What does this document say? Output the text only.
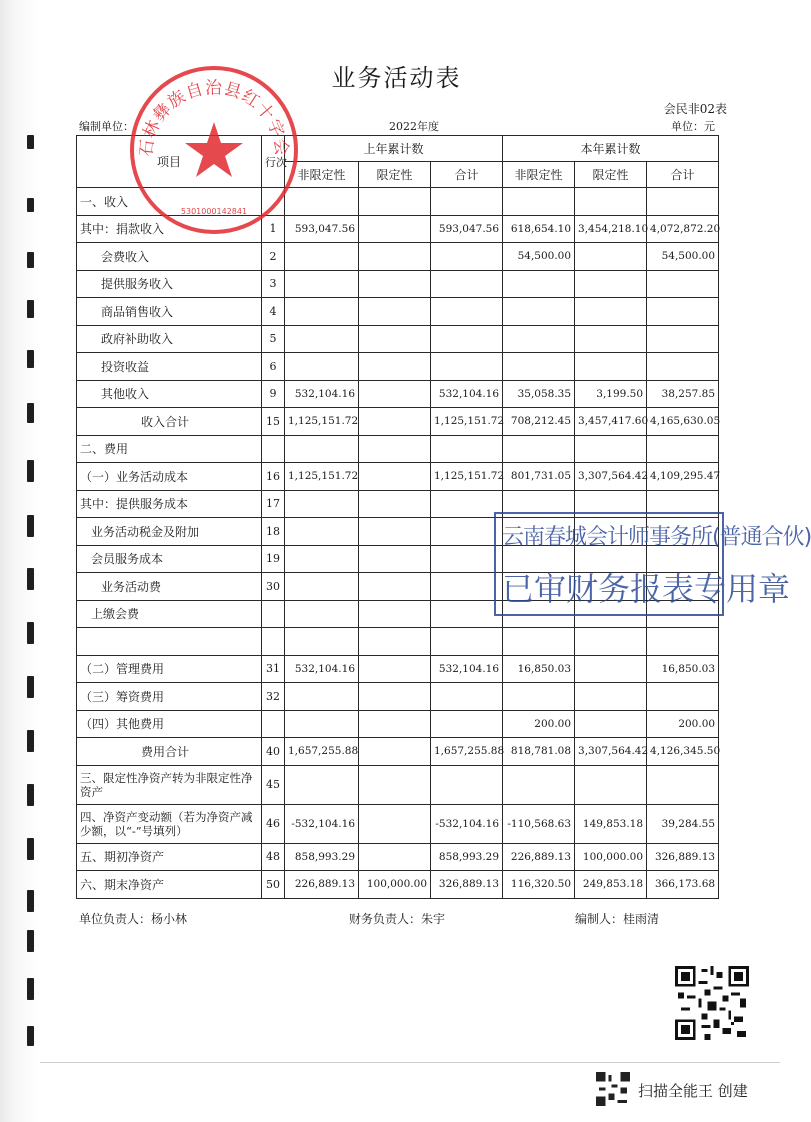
业务活动表
会民非02表
编制单位：	2022年度	单位：元
项目	行次	上年累计数			本年累计数		
		非限定性	限定性	合计	非限定性	限定性	合计
一、收入							
其中：捐款收入	1	593,047.56		593,047.56	618,654.10	3,454,218.10	4,072,872.20
会费收入	2				54,500.00		54,500.00
提供服务收入	3						
商品销售收入	4						
政府补助收入	5						
投资收益	6						
其他收入	9	532,104.16		532,104.16	35,058.35	3,199.50	38,257.85
收入合计	15	1,125,151.72		1,125,151.72	708,212.45	3,457,417.60	4,165,630.05
二、费用							
（一）业务活动成本	16	1,125,151.72		1,125,151.72	801,731.05	3,307,564.42	4,109,295.47
其中：提供服务成本	17						
业务活动税金及附加	18						
会员服务成本	19						
业务活动费	30						
上缴会费							

（二）管理费用	31	532,104.16		532,104.16	16,850.03		16,850.03
（三）筹资费用	32						
（四）其他费用					200.00		200.00
费用合计	40	1,657,255.88		1,657,255.88	818,781.08	3,307,564.42	4,126,345.50
三、限定性净资产转为非限定性净资产	45						
四、净资产变动额（若为净资产减少额，以“-”号填列）	46	-532,104.16		-532,104.16	-110,568.63	149,853.18	39,284.55
五、期初净资产	48	858,993.29		858,993.29	226,889.13	100,000.00	326,889.13
六、期末净资产	50	226,889.13	100,000.00	326,889.13	116,320.50	249,853.18	366,173.68
单位负责人：杨小林	财务负责人：朱宇	编制人：桂雨清
石林彝族自治县红十字会
5301000142841
云南春城会计师事务所(普通合伙)
已审财务报表专用章
扫描全能王 创建
